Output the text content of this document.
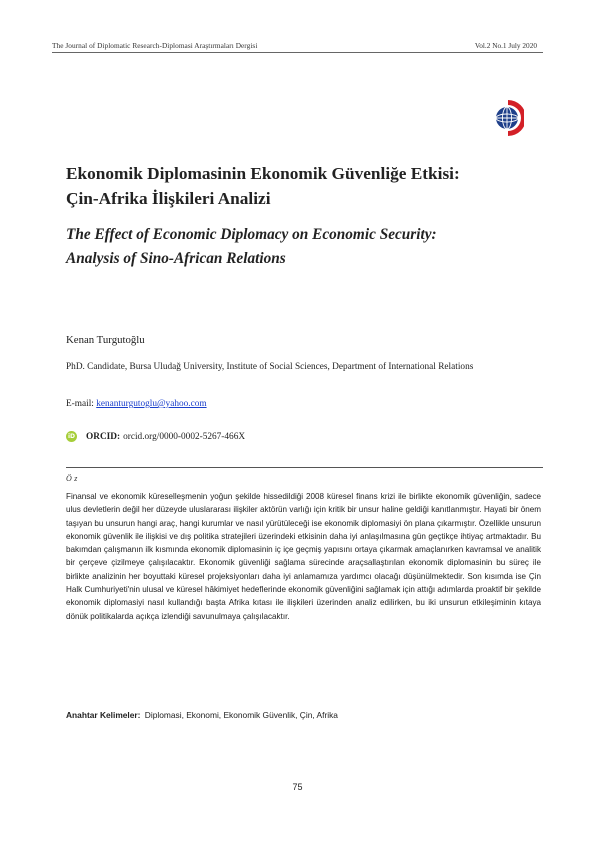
The Journal of Diplomatic Research-Diplomasi Araştırmaları Dergisi	Vol.2 No.1 July 2020
Ekonomik Diplomasinin Ekonomik Güvenliğe Etkisi:
Çin-Afrika İlişkileri Analizi
The Effect of Economic Diplomacy on Economic Security:
Analysis of Sino-African Relations
Kenan Turgutoğlu
PhD. Candidate, Bursa Uludağ University, Institute of Social Sciences, Department of International Relations
E-mail: kenanturgutoglu@yahoo.com
iD ORCID: orcid.org/0000-0002-5267-466X
Öz
Finansal ve ekonomik küreselleşmenin yoğun şekilde hissedildiği 2008 küresel finans krizi ile birlikte ekonomik güvenliğin, sadece ulus devletlerin değil her düzeyde uluslararası ilişkiler aktörün varlığı için kritik bir unsur haline geldiği kanıtlanmıştır. Hayati bir önem taşıyan bu unsurun hangi araç, hangi kurumlar ve nasıl yürütüleceği ise ekonomik diplomasiyi ön plana çıkarmıştır. Özellikle unsurun ekonomik güvenlik ile ilişkisi ve dış politika stratejileri üzerindeki etkisinin daha iyi anlaşılmasına gün geçtikçe ihtiyaç artmaktadır. Bu bakımdan çalışmanın ilk kısmında ekonomik diplomasinin iç içe geçmiş yapısını ortaya çıkarmak amaçlanırken kavramsal ve analitik bir çerçeve çizilmeye çalışılacaktır. Ekonomik güvenliği sağlama sürecinde araçsallaştırılan ekonomik diplomasinin bu süreç ile birlikte analizinin her boyuttaki küresel projeksiyonları daha iyi anlamamıza yardımcı olacağı düşünülmektedir. Son kısımda ise Çin Halk Cumhuriyeti'nin ulusal ve küresel hâkimiyet hedeflerinde ekonomik güvenliğini sağlamak için attığı adımlarda proaktif bir şekilde ekonomik diplomasiyi nasıl kullandığı başta Afrika kıtası ile ilişkileri üzerinden analiz edilirken, bu iki unsurun etkileşiminin kıtaya dönük politikalarda açıkça izlendiği savunulmaya çalışılacaktır.
Anahtar Kelimeler: Diplomasi, Ekonomi, Ekonomik Güvenlik, Çin, Afrika
75
